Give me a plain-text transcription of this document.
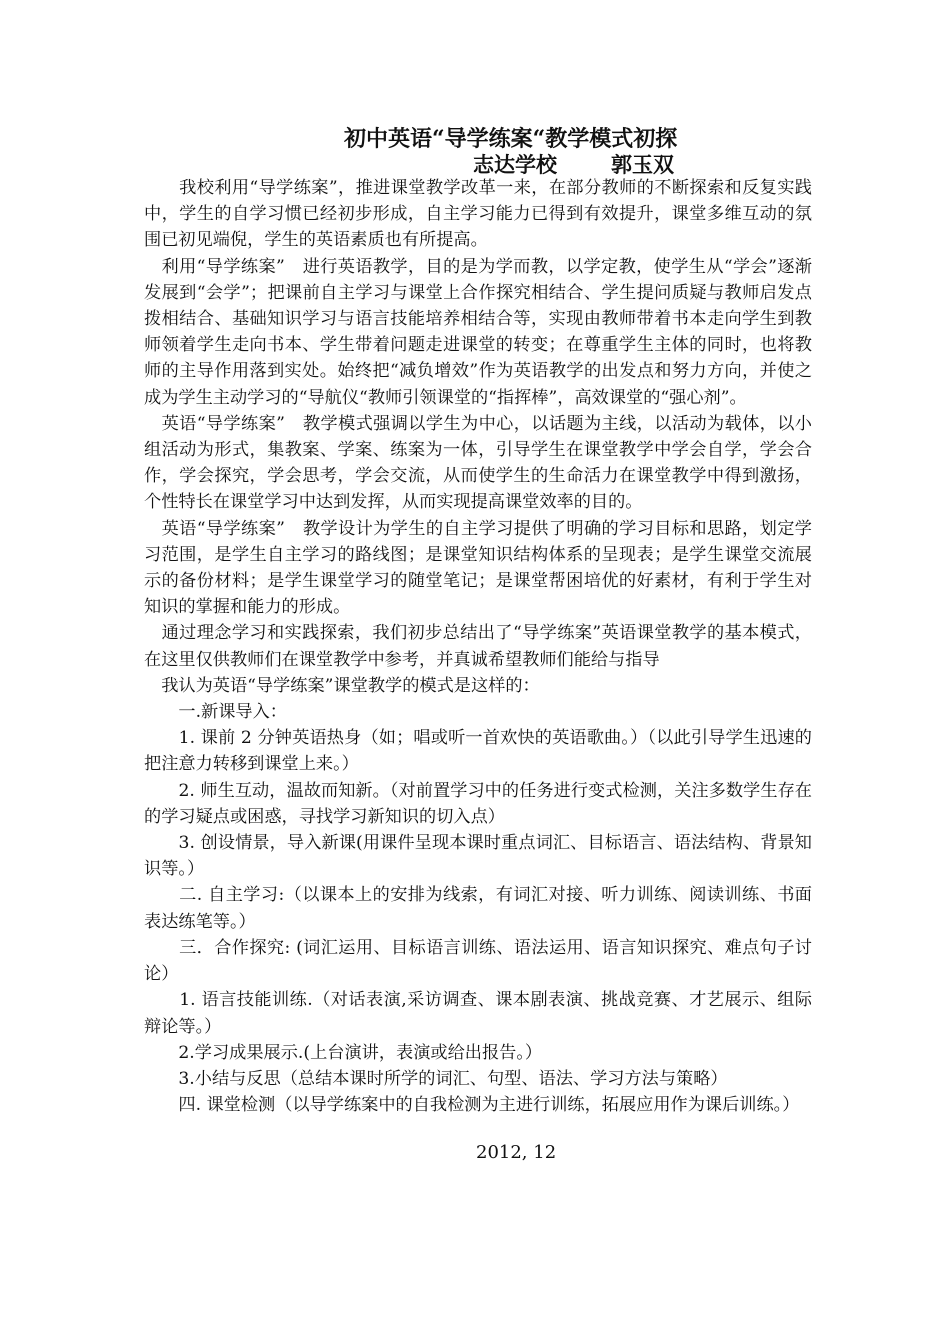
初中英语“导学练案“教学模式初探
志达学校	郭玉双

　　我校利用“导学练案”，推进课堂教学改革一来，在部分教师的不断探索和反复实践中，学生的自学习惯已经初步形成，自主学习能力已得到有效提升，课堂多维互动的氛围已初见端倪，学生的英语素质也有所提高。

　利用“导学练案”　进行英语教学，目的是为学而教，以学定教，使学生从“学会”逐渐发展到“会学”；把课前自主学习与课堂上合作探究相结合、学生提问质疑与教师启发点拨相结合、基础知识学习与语言技能培养相结合等，实现由教师带着书本走向学生到教师领着学生走向书本、学生带着问题走进课堂的转变；在尊重学生主体的同时，也将教师的主导作用落到实处。始终把“减负增效”作为英语教学的出发点和努力方向，并使之成为学生主动学习的“导航仪“教师引领课堂的“指挥棒”，高效课堂的“强心剂”。

　英语“导学练案”　教学模式强调以学生为中心，以话题为主线，以活动为载体，以小组活动为形式，集教案、学案、练案为一体，引导学生在课堂教学中学会自学，学会合作，学会探究，学会思考，学会交流，从而使学生的生命活力在课堂教学中得到激扬，个性特长在课堂学习中达到发挥，从而实现提高课堂效率的目的。

　英语“导学练案”　教学设计为学生的自主学习提供了明确的学习目标和思路，划定学习范围，是学生自主学习的路线图；是课堂知识结构体系的呈现表；是学生课堂交流展示的备份材料；是学生课堂学习的随堂笔记；是课堂帮困培优的好素材，有利于学生对知识的掌握和能力的形成。

　通过理念学习和实践探索，我们初步总结出了“导学练案”英语课堂教学的基本模式，在这里仅供教师们在课堂教学中参考，并真诚希望教师们能给与指导

　我认为英语“导学练案”课堂教学的模式是这样的：

　　一.新课导入：

　　1. 课前 2 分钟英语热身（如；唱或听一首欢快的英语歌曲。）（以此引导学生迅速的把注意力转移到课堂上来。）

　　2. 师生互动，温故而知新。（对前置学习中的任务进行变式检测，关注多数学生存在的学习疑点或困惑，寻找学习新知识的切入点）

　　3. 创设情景，导入新课(用课件呈现本课时重点词汇、目标语言、语法结构、背景知识等。）

　　二. 自主学习:（以课本上的安排为线索，有词汇对接、听力训练、阅读训练、书面表达练笔等。）

　　三．合作探究: (词汇运用、目标语言训练、语法运用、语言知识探究、难点句子讨论）

　　1. 语言技能训练.（对话表演,采访调查、课本剧表演、挑战竞赛、才艺展示、组际辩论等。）

　　2.学习成果展示.(上台演讲，表演或给出报告。）

　　3.小结与反思（总结本课时所学的词汇、句型、语法、学习方法与策略）

　　四. 课堂检测（以导学练案中的自我检测为主进行训练，拓展应用作为课后训练。）

2012, 12
